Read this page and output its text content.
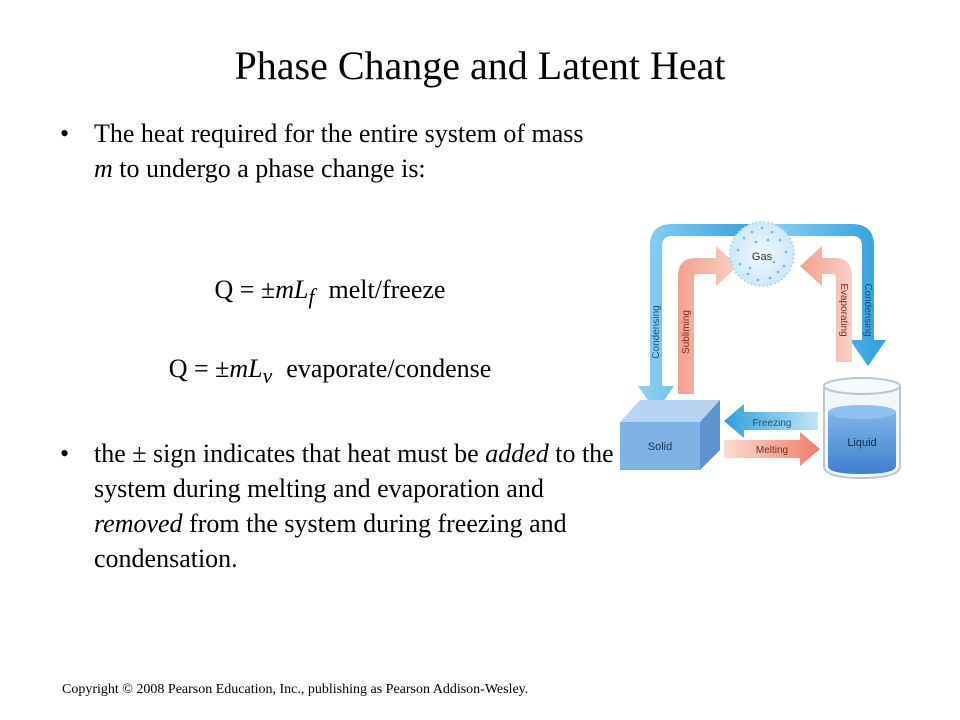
Phase Change and Latent Heat
• The heat required for the entire system of mass m to undergo a phase change is:
$Q = \pm mL_f$ melt/freeze
$Q = \pm mL_v$ evaporate/condense
• the ± sign indicates that heat must be added to the system during melting and evaporation and removed from the system during freezing and condensation.
Gas
Condensing Subliming	Evaporating Condensing
Solid
Freezing
Melting
Liquid
Copyright © 2008 Pearson Education, Inc., publishing as Pearson Addison-Wesley.
